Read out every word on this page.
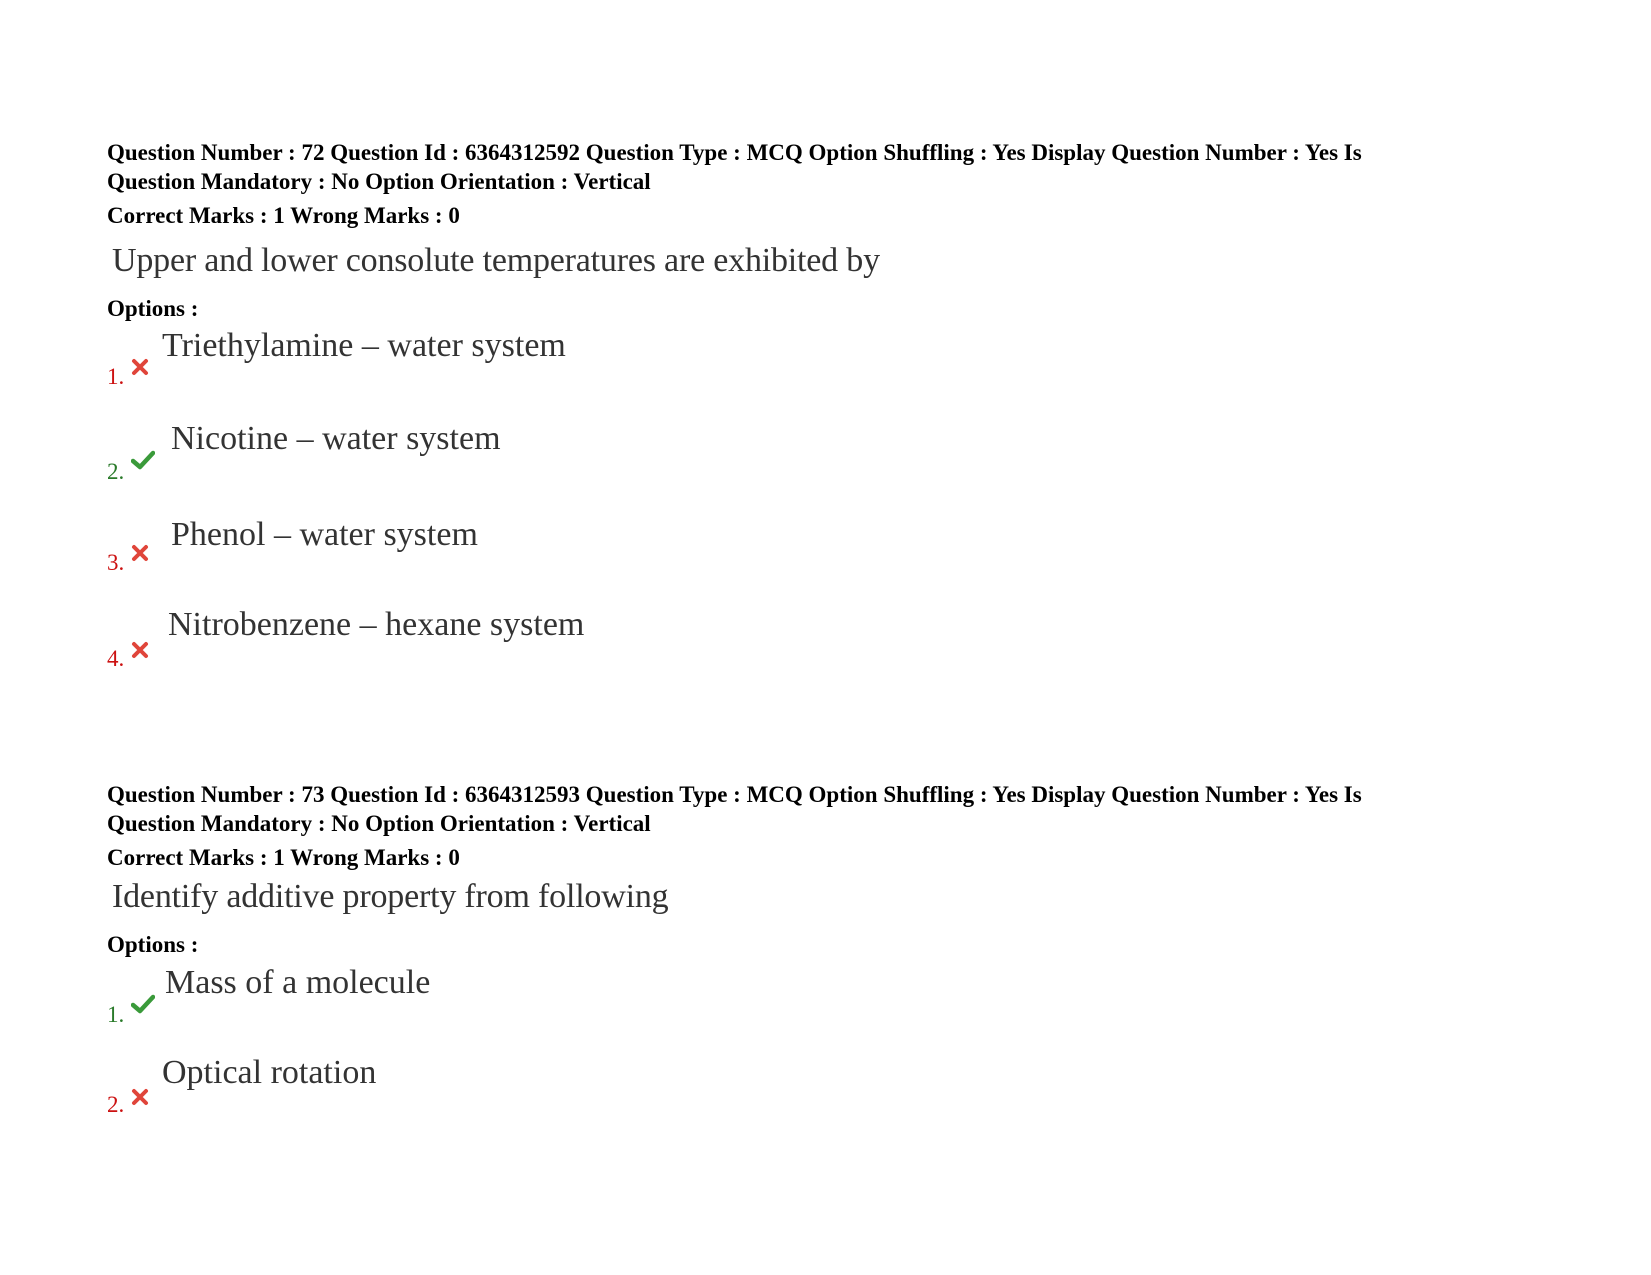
Question Number : 72 Question Id : 6364312592 Question Type : MCQ Option Shuffling : Yes Display Question Number : Yes Is
Question Mandatory : No Option Orientation : Vertical
Correct Marks : 1 Wrong Marks : 0
Upper and lower consolute temperatures are exhibited by
Options :
1.
Triethylamine – water system
2.
Nicotine – water system
3.
Phenol – water system
4.
Nitrobenzene – hexane system
Question Number : 73 Question Id : 6364312593 Question Type : MCQ Option Shuffling : Yes Display Question Number : Yes Is
Question Mandatory : No Option Orientation : Vertical
Correct Marks : 1 Wrong Marks : 0
Identify additive property from following
Options :
1.
Mass of a molecule
2.
Optical rotation
